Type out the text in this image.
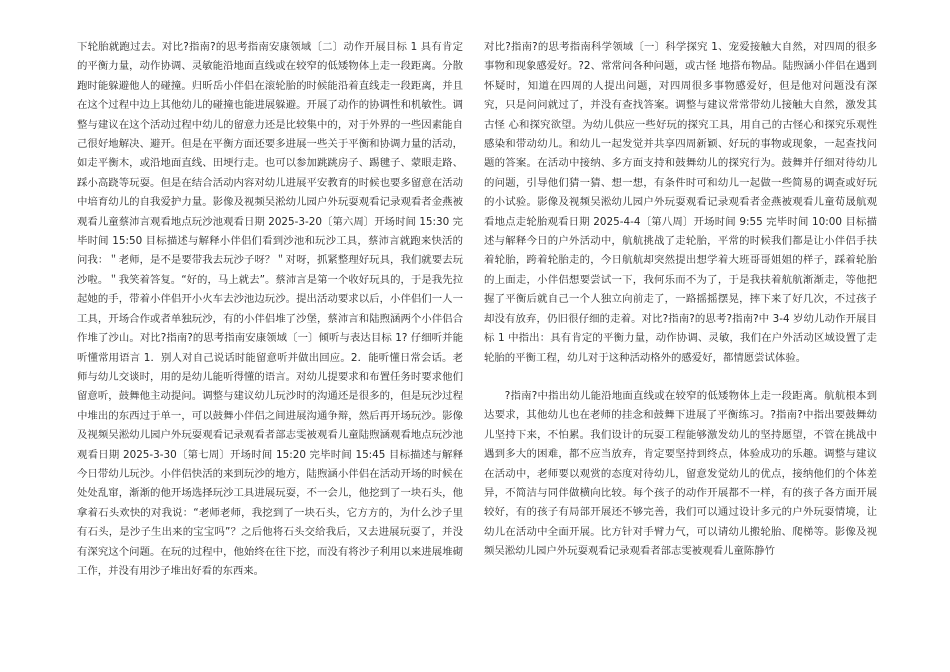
下轮胎就跑过去。对比?指南?的思考指南安康领域〔二〕动作开展目标 1 具有肯定的平衡力量，动作协调、灵敏能沿地面直线或在较窄的低矮物体上走一段距离。分散跑时能躲避他人的碰撞。归昕岳小伴侣在滚轮胎的时候能沿着直线走一段距离，并且在这个过程中边上其他幼儿的碰撞也能进展躲避。开展了动作的协调性和机敏性。调整与建议在这个活动过程中幼儿的留意力还是比较集中的，对于外界的一些因素能自己很好地解决、避开。但是在平衡方面还要多进展一些关于平衡和协调力量的活动，如走平衡木，或沿地面直线、田埂行走。也可以参加跳跳房子、踢毽子、蒙眼走路、踩小高跷等玩耍。但是在结合活动内容对幼儿进展平安教育的时候也要多留意在活动中培育幼儿的自我爱护力量。影像及视频吴淞幼儿园户外玩耍观看记录观看者金燕被观看儿童蔡沛言观看地点玩沙池观看日期 2025-3-20〔第六周〕开场时间 15:30 完毕时间 15:50 目标描述与解释小伴侣们看到沙池和玩沙工具，蔡沛言就跑来快活的问我：＂老师，是不是要带我去玩沙子呀？＂对呀，抓紧整理好玩具，我们就要去玩沙啦。＂我笑着答复。“好的，马上就去”。蔡沛言是第一个收好玩具的，于是我先拉起她的手，带着小伴侣开小火车去沙池边玩沙。提出活动要求以后，小伴侣们一人一工具，开场合作或者单独玩沙，有的小伴侣堆了沙堡，蔡沛言和陆煦涵两个小伴侣合作堆了沙山。对比?指南?的思考指南安康领域〔一〕倾听与表达目标 1? 仔细听并能听懂常用语言 1．别人对自己说话时能留意听并做出回应。2．能听懂日常会话。老师与幼儿交谈时，用的是幼儿能听得懂的语言。对幼儿提要求和布置任务时要求他们留意听，鼓舞他主动提问。调整与建议幼儿玩沙时的沟通还是很多的，但是玩沙过程中堆出的东西过于单一，可以鼓舞小伴侣之间进展沟通争辩，然后再开场玩沙。影像及视频吴淞幼儿园户外玩耍观看记录观看者部志雯被观看儿童陆煦涵观看地点玩沙池观看日期 2025-3-30〔第七周〕开场时间 15:20 完毕时间 15:45 目标描述与解释今日带幼儿玩沙。小伴侣快活的来到玩沙的地方，陆煦涵小伴侣在活动开场的时候在处处乱窜，渐渐的他开场选择玩沙工具进展玩耍，不一会儿，他挖到了一块石头，他拿着石头欢快的对我说：“老师老师，我挖到了一块石头，它方方的，为什么沙子里有石头，是沙子生出来的宝宝吗”？之后他将石头交给我后，又去进展玩耍了，并没有深究这个问题。在玩的过程中，他始终在往下挖，而没有将沙子利用以来进展堆砌工作，并没有用沙子堆出好看的东西来。

对比?指南?的思考指南科学领域〔一〕科学探究 1、宠爱接触大自然，对四周的很多事物和现象感爱好。?2、常常问各种问题，或古怪 地搭布物品。陆煦涵小伴侣在遇到怀疑时，知道在四周的人提出问题，对四周很多事物感爱好，但是他对问题没有深究，只是问问就过了，并没有查找答案。调整与建议常常带幼儿接触大自然，激发其古怪 心和探究欲望。为幼儿供应一些好玩的探究工具，用自己的古怪心和探究乐观性感染和带动幼儿。和幼儿一起发觉并共享四周新颖、好玩的事物或现象，一起查找问题的答案。在活动中接纳、多方面支持和鼓舞幼儿的探究行为。鼓舞并仔细对待幼儿的问题，引导他们猜一猜、想一想，有条件时可和幼儿一起做一些简易的调查或好玩的小试验。影像及视频吴淞幼儿园户外玩耍观看记录观看者金燕被观看儿童荀晟航观看地点走轮胎观看日期 2025-4-4〔第八周〕开场时间 9:55 完毕时间 10:00 目标描述与解释今日的户外活动中，航航挑战了走轮胎，平常的时候我们都是让小伴侣手扶着轮胎，跨着轮胎走的，今日航航却突然提出想学着大班哥哥姐姐的样子，踩着轮胎的上面走，小伴侣想要尝试一下，我何乐而不为了，于是我扶着航航渐渐走，等他把握了平衡后就自己一个人独立向前走了，一路摇摇摆晃，摔下来了好几次，不过孩子却没有放弃，仍旧很仔细的走着。对比?指南?的思考?指南?中 3-4 岁幼儿动作开展目标 1 中指出：具有肯定的平衡力量，动作协调、灵敏，我们在户外活动区域设置了走轮胎的平衡工程，幼儿对于这种活动格外的感爱好，都情愿尝试体验。

?指南?中指出幼儿能沿地面直线或在较窄的低矮物体上走一段距离。航航根本到达要求，其他幼儿也在老师的挂念和鼓舞下进展了平衡练习。?指南?中指出要鼓舞幼儿坚持下来，不怕累。我们设计的玩耍工程能够激发幼儿的坚持愿望，不管在挑战中遇到多大的困难，都不应当放弃，肯定要坚持到终点，体验成功的乐趣。调整与建议 在活动中，老师要以观赏的态度对待幼儿，留意发觉幼儿的优点，接纳他们的个体差异，不简洁与同伴做横向比较。每个孩子的动作开展都不一样，有的孩子各方面开展较好，有的孩子有局部开展还不够完善，我们可以通过设计多元的户外玩耍情境，让幼儿在活动中全面开展。比方针对手臂力气，可以请幼儿搬轮胎、爬梯等。影像及视频吴淞幼儿园户外玩耍观看记录观看者部志雯被观看儿童陈静竹
